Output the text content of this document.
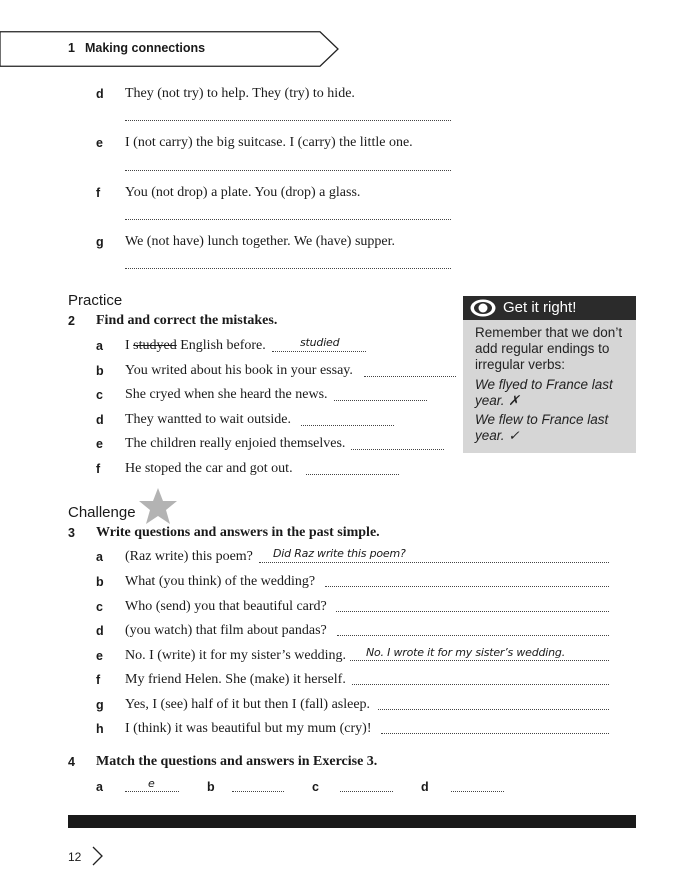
1 Making connections
d They (not try) to help. They (try) to hide.
e I (not carry) the big suitcase. I (carry) the little one.
f You (not drop) a plate. You (drop) a glass.
g We (not have) lunch together. We (have) supper.
Practice
2 Find and correct the mistakes.
a I studyed English before.	studied
b You writed about his book in your essay.
c She cryed when she heard the news.
d They wantted to wait outside.
e The children really enjoied themselves.
f He stoped the car and got out.
Get it right!
Remember that we don’t
add regular endings to
irregular verbs:
We flyed to France last
year. ✗
We flew to France last
year. ✓
Challenge
3 Write questions and answers in the past simple.
a (Raz write) this poem? Did Raz write this poem?
b What (you think) of the wedding?
c Who (send) you that beautiful card?
d (you watch) that film about pandas?
e No. I (write) it for my sister’s wedding. No. I wrote it for my sister’s wedding.
f My friend Helen. She (make) it herself.
g Yes, I (see) half of it but then I (fall) asleep.
h I (think) it was beautiful but my mum (cry)!
4 Match the questions and answers in Exercise 3.
a	e	b	c	d
12
